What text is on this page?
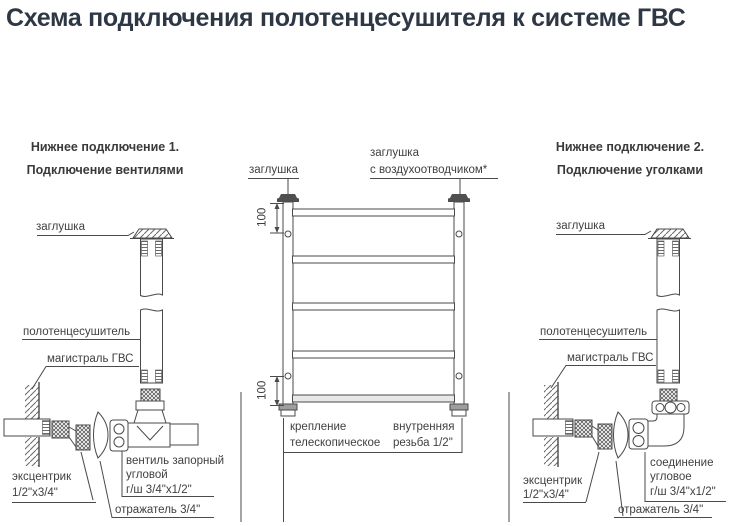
Схема подключения полотенцесушителя к системе ГВС
Нижнее подключение 1.
Подключение вентилями
заглушка
полотенцесушитель
магистраль ГВС
эксцентрик
1/2"х3/4"
вентиль запорный
угловой
г/ш 3/4"х1/2"
отражатель 3/4"
заглушка
заглушка
с воздухоотводчиком*
100
100
крепление
телескопическое
внутренняя
резьба 1/2"
Нижнее подключение 2.
Подключение уголками
заглушка
полотенцесушитель
магистраль ГВС
эксцентрик
1/2"х3/4"
соединение
угловое
г/ш 3/4"х1/2"
отражатель 3/4"
